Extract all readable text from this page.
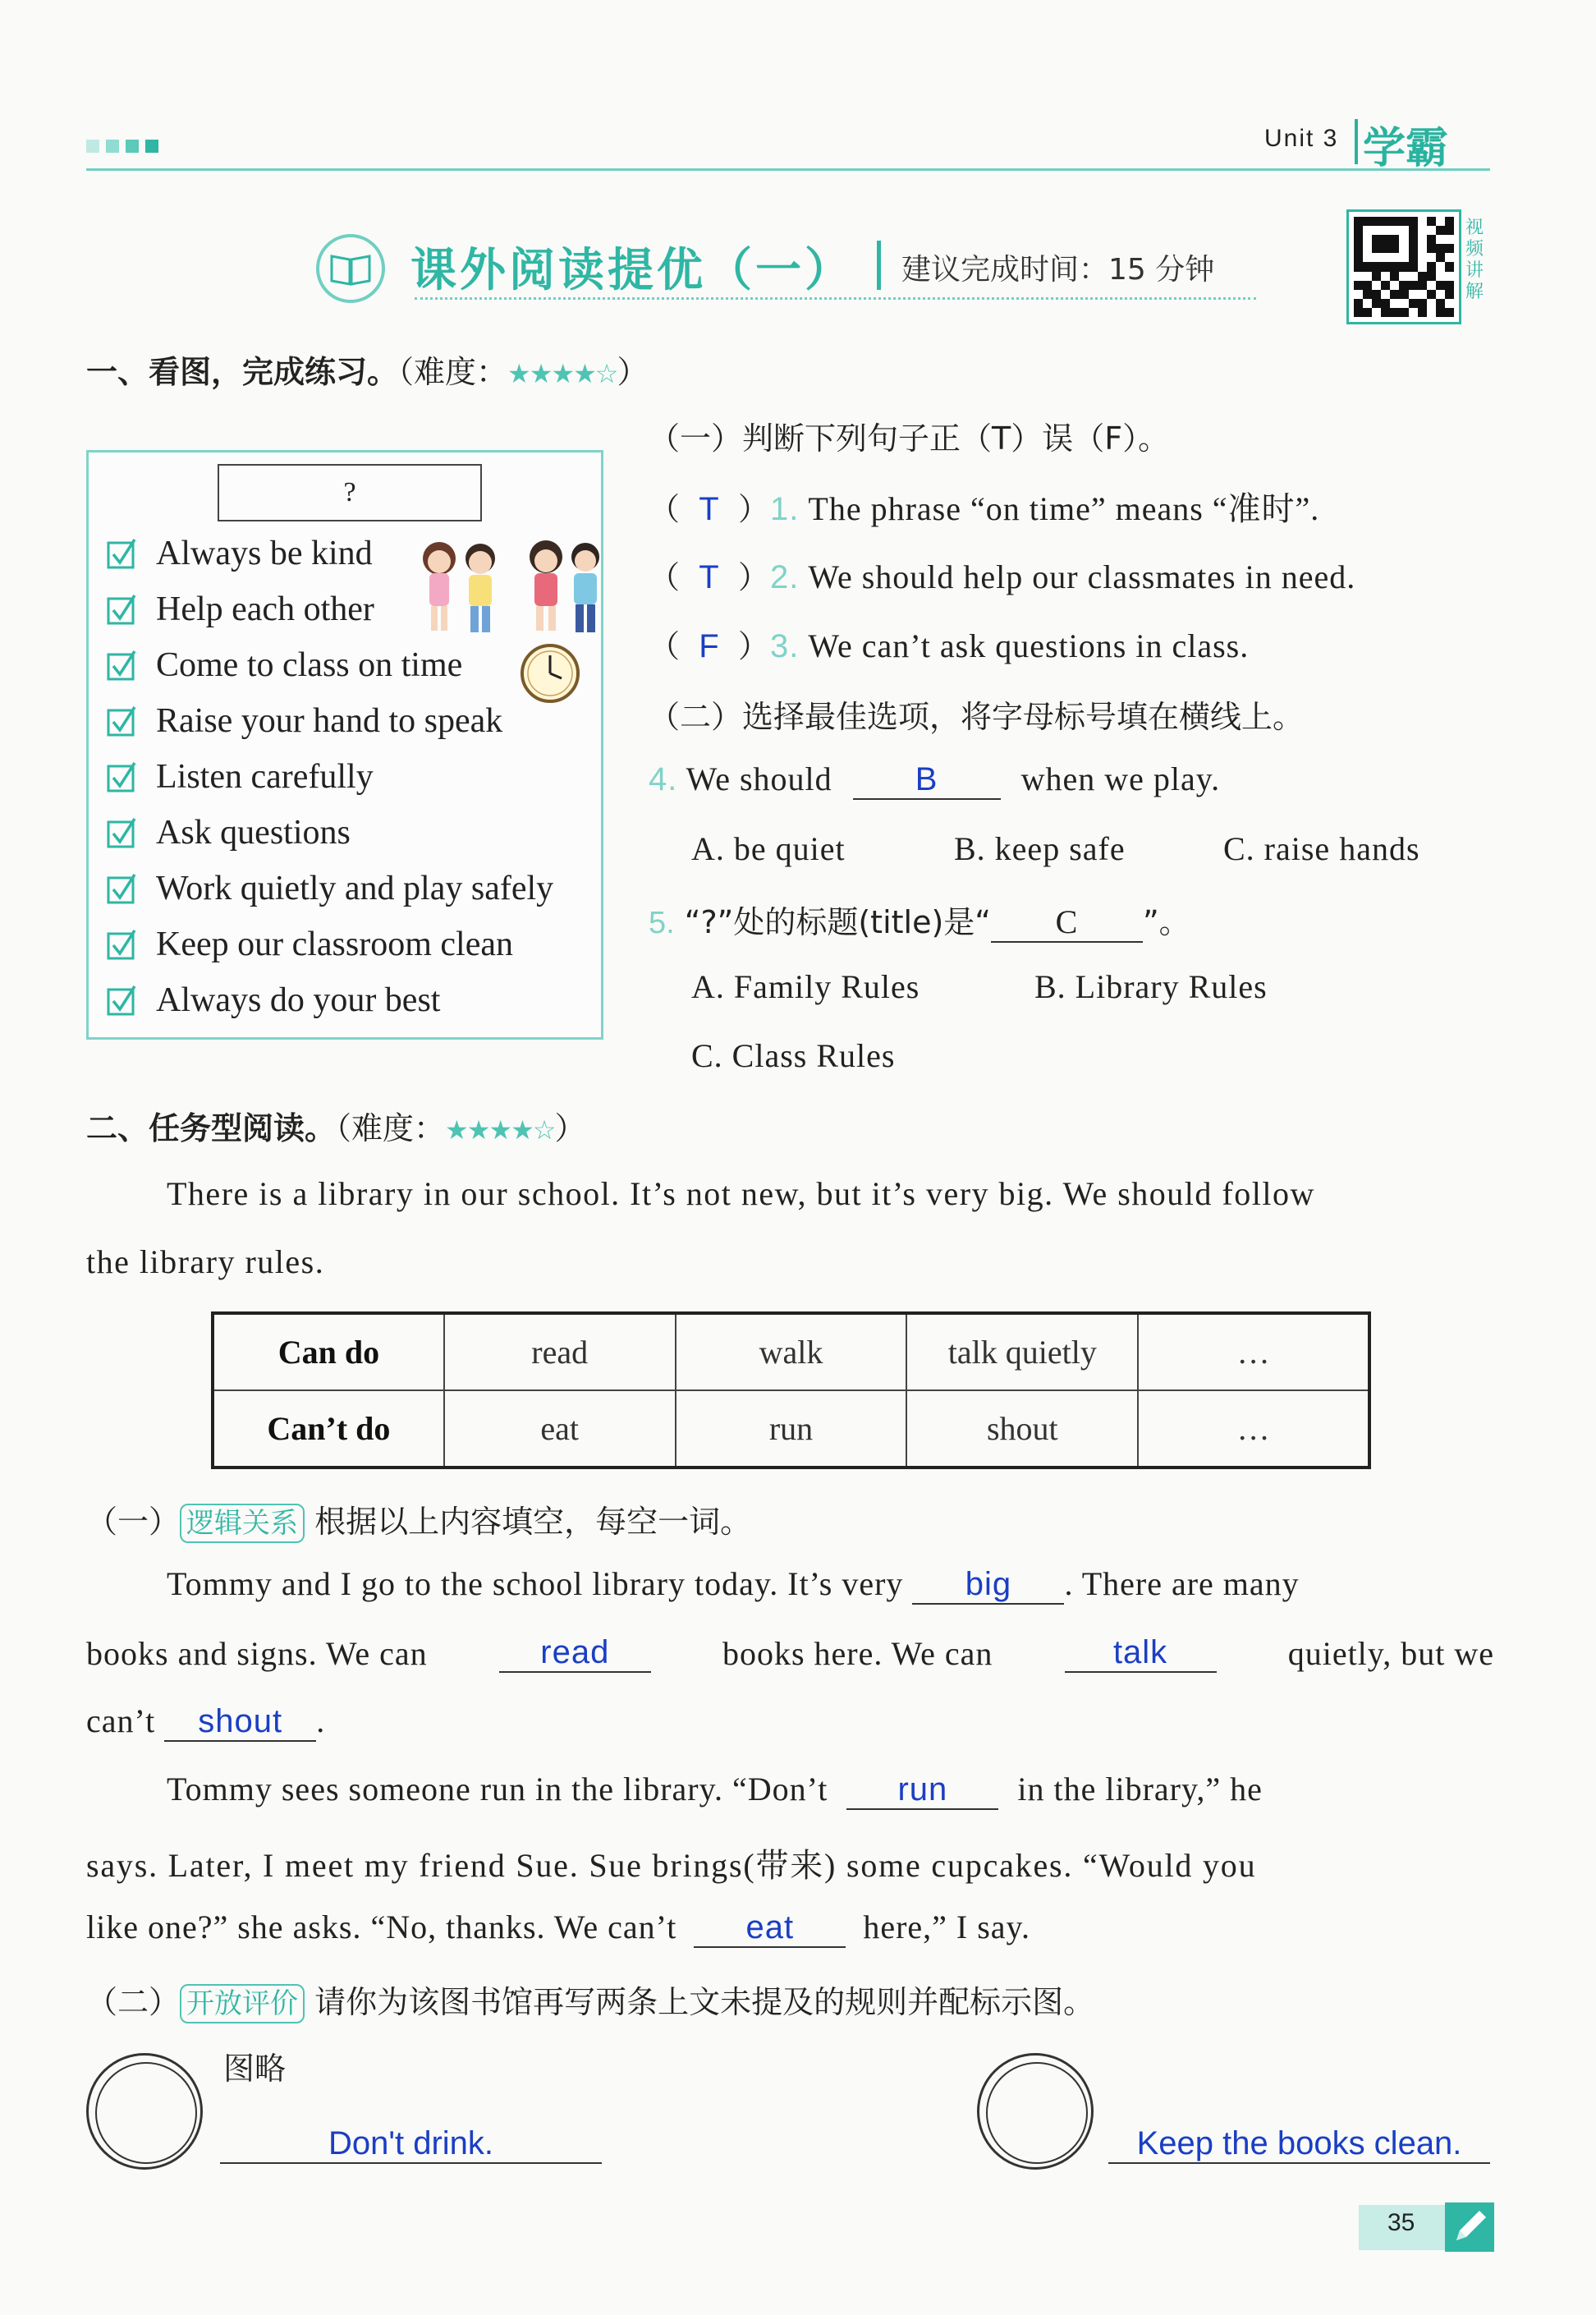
Unit 3 学霸
课外阅读提优（一） 建议完成时间：15 分钟
视频讲解
一、看图，完成练习。（难度：★★★★☆）
?
Always be kind
Help each other
Come to class on time
Raise your hand to speak
Listen carefully
Ask questions
Work quietly and play safely
Keep our classroom clean
Always do your best
（一）判断下列句子正（T）误（F）。
（ T ）1. The phrase “on time” means “准时”.
（ T ）2. We should help our classmates in need.
（ F ）3. We can’t ask questions in class.
（二）选择最佳选项，将字母标号填在横线上。
4. We should	B	when we play.
A. be quiet	B. keep safe	C. raise hands
5. “?”处的标题(title)是“ C ”。
A. Family Rules	B. Library Rules
C. Class Rules
二、任务型阅读。（难度：★★★★☆）
There is a library in our school. It’s not new, but it’s very big. We should follow
the library rules.
Can do	read	walk	talk quietly	…
Can’t do	eat	run	shout	…
（一） 逻辑关系 根据以上内容填空，每空一词。
Tommy and I go to the school library today. It’s very big . There are many
books and signs. We can	read	books here. We can	talk	quietly, but we
can’t shout .
Tommy sees someone run in the library. “Don’t run in the library,” he
says. Later, I meet my friend Sue. Sue brings(带来) some cupcakes. “Would you
like one?” she asks. “No, thanks. We can’t eat here,” I say.
（二） 开放评价 请你为该图书馆再写两条上文未提及的规则并配标示图。
图略
Don't drink.	Keep the books clean.
35
